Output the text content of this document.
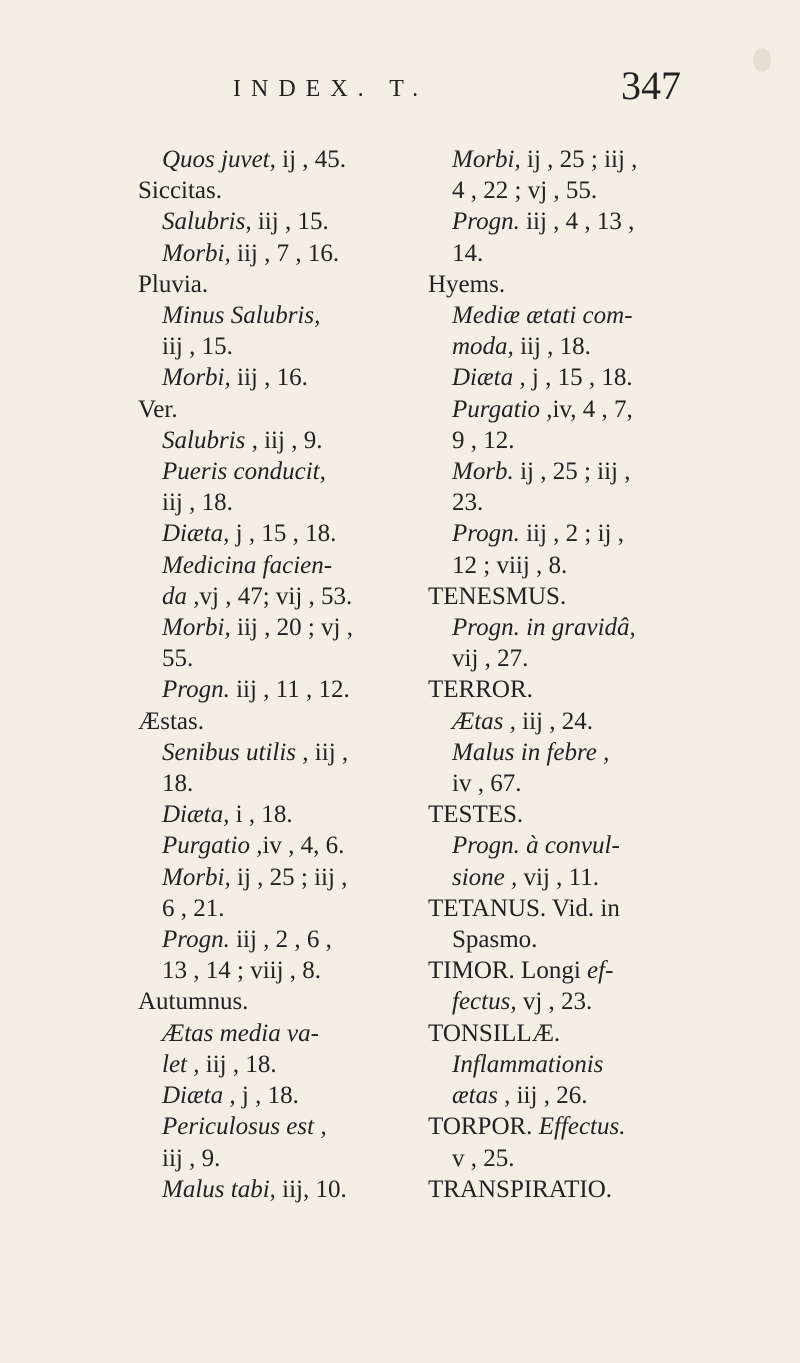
INDEX. T.	347
Quos juvet, ij , 45.
Siccitas.
Salubris, iij , 15.
Morbi, iij , 7 , 16.
Pluvia.
Minus Salubris,
iij , 15.
Morbi, iij , 16.
Ver.
Salubris , iij , 9.
Pueris conducit,
iij , 18.
Diæta, j , 15 , 18.
Medicina facien-
da ,vj , 47; vij , 53.
Morbi, iij , 20 ; vj ,
55.
Progn. iij , 11 , 12.
Æstas.
Senibus utilis , iij ,
18.
Diæta, i , 18.
Purgatio ,iv , 4, 6.
Morbi, ij , 25 ; iij ,
6 , 21.
Progn. iij , 2 , 6 ,
13 , 14 ; viij , 8.
Autumnus.
Ætas media va-
let , iij , 18.
Diæta , j , 18.
Periculosus est ,
iij , 9.
Malus tabi, iij, 10.
Morbi, ij , 25 ; iij ,
4 , 22 ; vj , 55.
Progn. iij , 4 , 13 ,
14.
Hyems.
Mediæ ætati com-
moda, iij , 18.
Diæta , j , 15 , 18.
Purgatio ,iv, 4 , 7,
9 , 12.
Morb. ij , 25 ; iij ,
23.
Progn. iij , 2 ; ij ,
12 ; viij , 8.
TENESMUS.
Progn. in gravidâ,
vij , 27.
TERROR.
Ætas , iij , 24.
Malus in febre ,
iv , 67.
TESTES.
Progn. à convul-
sione , vij , 11.
TETANUS. Vid. in
Spasmo.
TIMOR. Longi ef-
fectus, vj , 23.
TONSILLÆ.
Inflammationis
ætas , iij , 26.
TORPOR. Effectus.
v , 25.
TRANSPIRATIO.
